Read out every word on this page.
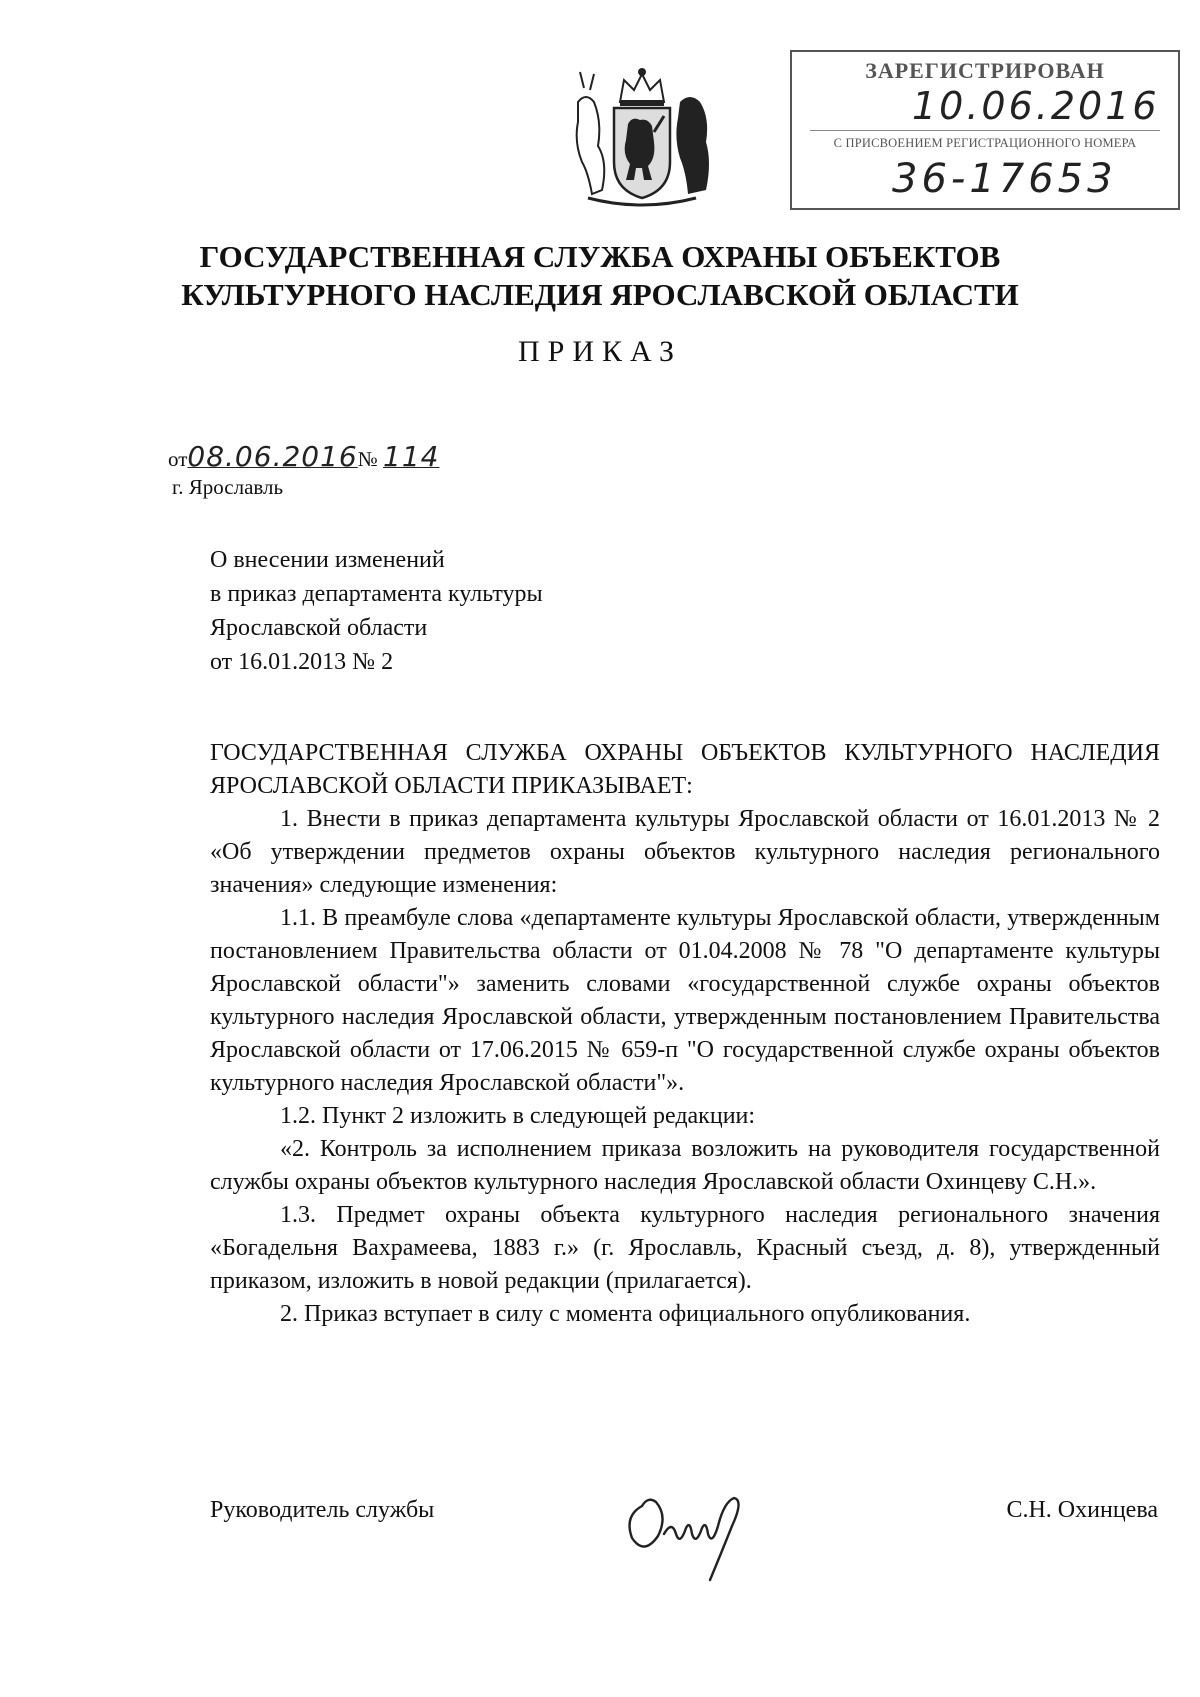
ЗАРЕГИСТРИРОВАН
10.06.2016
С ПРИСВОЕНИЕМ РЕГИСТРАЦИОННОГО НОМЕРА
36-17653
ГОСУДАРСТВЕННАЯ СЛУЖБА ОХРАНЫ ОБЪЕКТОВ
КУЛЬТУРНОГО НАСЛЕДИЯ ЯРОСЛАВСКОЙ ОБЛАСТИ
ПРИКАЗ
от08.06.2016№ 114
г. Ярославль
О внесении изменений
в приказ департамента культуры
Ярославской области
от 16.01.2013 № 2

ГОСУДАРСТВЕННАЯ СЛУЖБА ОХРАНЫ ОБЪЕКТОВ КУЛЬТУРНОГО НАСЛЕДИЯ ЯРОСЛАВСКОЙ ОБЛАСТИ ПРИКАЗЫВАЕТ:

1. Внести в приказ департамента культуры Ярославской области от 16.01.2013 № 2 «Об утверждении предметов охраны объектов культурного наследия регионального значения» следующие изменения:

1.1. В преамбуле слова «департаменте культуры Ярославской области, утвержденным постановлением Правительства области от 01.04.2008 № 78 "О департаменте культуры Ярославской области"» заменить словами «государственной службе охраны объектов культурного наследия Ярославской области, утвержденным постановлением Правительства Ярославской области от 17.06.2015 № 659-п "О государственной службе охраны объектов культурного наследия Ярославской области"».

1.2. Пункт 2 изложить в следующей редакции:

«2. Контроль за исполнением приказа возложить на руководителя государственной службы охраны объектов культурного наследия Ярославской области Охинцеву С.Н.».

1.3. Предмет охраны объекта культурного наследия регионального значения «Богадельня Вахрамеева, 1883 г.» (г. Ярославль, Красный съезд, д. 8), утвержденный приказом, изложить в новой редакции (прилагается).

2. Приказ вступает в силу с момента официального опубликования.

Руководитель службы	С.Н. Охинцева
